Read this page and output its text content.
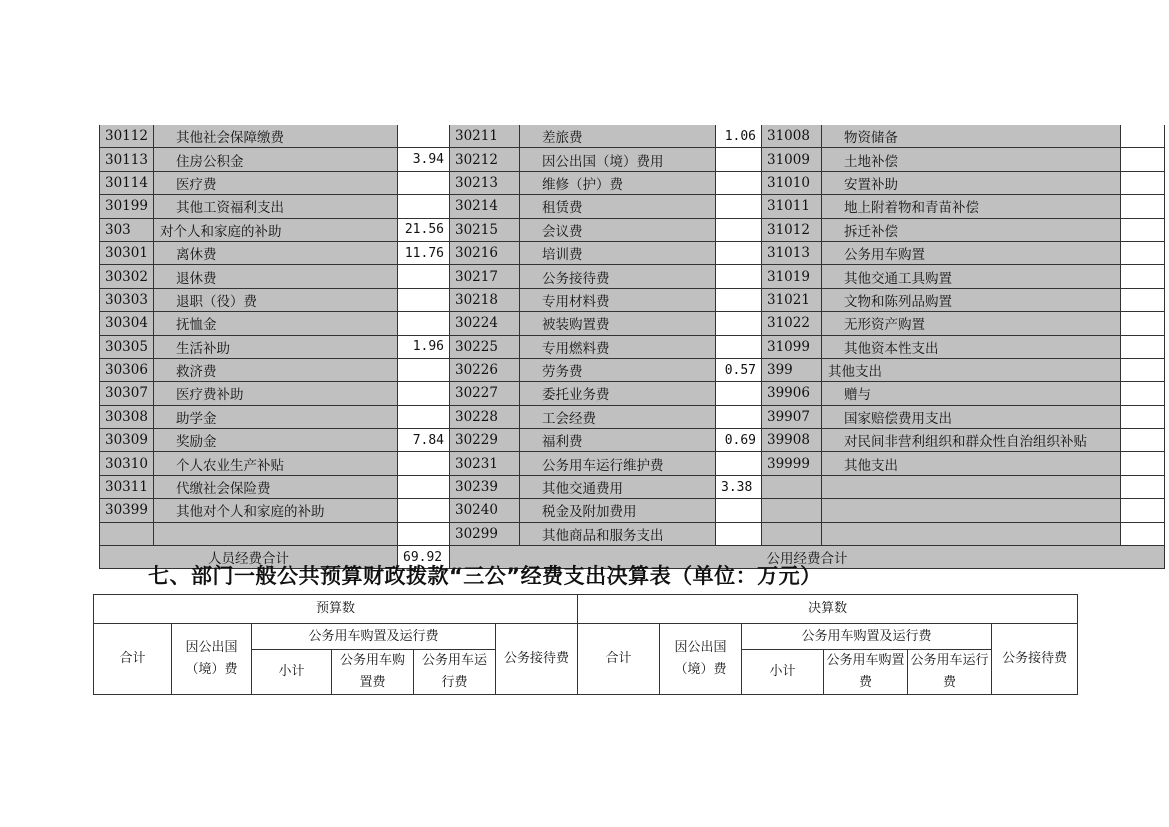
30112	其他社会保障缴费		30211	差旅费	1.06	31008	物资储备		
30113	住房公积金	3.94	30212	因公出国（境）费用		31009	土地补偿		
30114	医疗费		30213	维修（护）费		31010	安置补助		
30199	其他工资福利支出		30214	租赁费		31011	地上附着物和青苗补偿		
303	对个人和家庭的补助	21.56	30215	会议费		31012	拆迁补偿		
30301	离休费	11.76	30216	培训费		31013	公务用车购置		
30302	退休费		30217	公务接待费		31019	其他交通工具购置		
30303	退职（役）费		30218	专用材料费		31021	文物和陈列品购置		
30304	抚恤金		30224	被装购置费		31022	无形资产购置		
30305	生活补助	1.96	30225	专用燃料费		31099	其他资本性支出		
30306	救济费		30226	劳务费	0.57	399	其他支出		
30307	医疗费补助		30227	委托业务费		39906	赠与		
30308	助学金		30228	工会经费		39907	国家赔偿费用支出		
30309	奖励金	7.84	30229	福利费	0.69	39908	对民间非营利组织和群众性自治组织补贴		
30310	个人农业生产补贴		30231	公务用车运行维护费		39999	其他支出		
30311	代缴社会保险费		30239	其他交通费用	3.38				
30399	其他对个人和家庭的补助		30240	税金及附加费用					
			30299	其他商品和服务支出					
人员经费合计		69.92	公用经费合计	
七、部门一般公共预算财政拨款“三公”经费支出决算表（单位：万元）
预算数						决算数					
合计	因公出国（境）费	公务用车购置及运行费			公务接待费	合计	因公出国（境）费	公务用车购置及运行费			公务接待费
		小计	公务用车购置费	公务用车运行费				小计	公务用车购置费	公务用车运行费	
